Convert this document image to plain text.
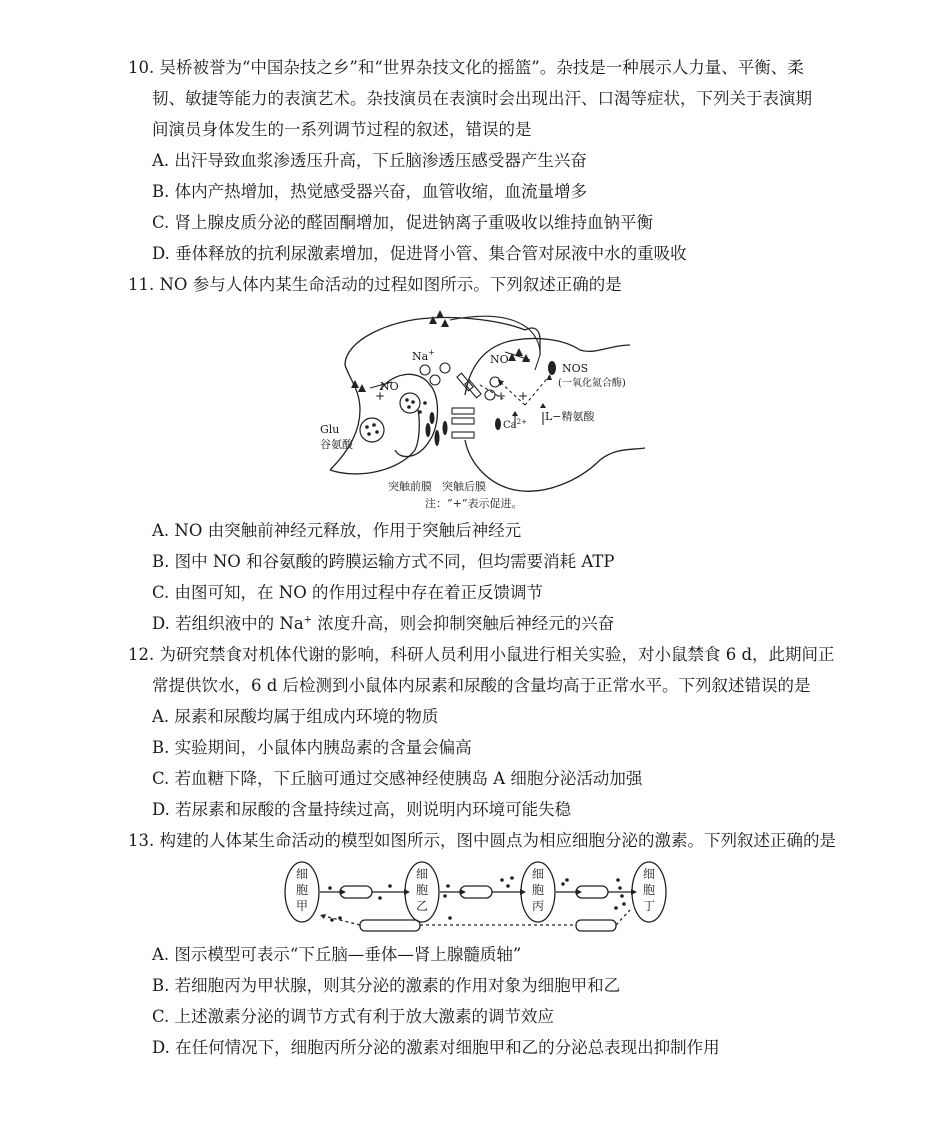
10. 吴桥被誉为“中国杂技之乡”和“世界杂技文化的摇篮”。杂技是一种展示人力量、平衡、柔
韧、敏捷等能力的表演艺术。杂技演员在表演时会出现出汗、口渴等症状，下列关于表演期
间演员身体发生的一系列调节过程的叙述，错误的是
A. 出汗导致血浆渗透压升高，下丘脑渗透压感受器产生兴奋
B. 体内产热增加，热觉感受器兴奋，血管收缩，血流量增多
C. 肾上腺皮质分泌的醛固酮增加，促进钠离子重吸收以维持血钠平衡
D. 垂体释放的抗利尿激素增加，促进肾小管、集合管对尿液中水的重吸收
11. NO 参与人体内某生命活动的过程如图所示。下列叙述正确的是
Na+
NO
NO
+
NOS
(一氧化氮合酶)
Glu
谷氨酸
$Ca^{2+}$ L−精氨酸
+ +
突触前膜 突触后膜
注：“+”表示促进。
A. NO 由突触前神经元释放，作用于突触后神经元
B. 图中 NO 和谷氨酸的跨膜运输方式不同，但均需要消耗 ATP
C. 由图可知，在 NO 的作用过程中存在着正反馈调节
D. 若组织液中的 Na+ 浓度升高，则会抑制突触后神经元的兴奋
12. 为研究禁食对机体代谢的影响，科研人员利用小鼠进行相关实验，对小鼠禁食 6 d，此期间正
常提供饮水，6 d 后检测到小鼠体内尿素和尿酸的含量均高于正常水平。下列叙述错误的是
A. 尿素和尿酸均属于组成内环境的物质
B. 实验期间，小鼠体内胰岛素的含量会偏高
C. 若血糖下降，下丘脑可通过交感神经使胰岛 A 细胞分泌活动加强
D. 若尿素和尿酸的含量持续过高，则说明内环境可能失稳
13. 构建的人体某生命活动的模型如图所示，图中圆点为相应细胞分泌的激素。下列叙述正确的是
细
胞
甲
细
胞
乙
细
胞
丙
细
胞
丁
A. 图示模型可表示“下丘脑—垂体—肾上腺髓质轴”
B. 若细胞丙为甲状腺，则其分泌的激素的作用对象为细胞甲和乙
C. 上述激素分泌的调节方式有利于放大激素的调节效应
D. 在任何情况下，细胞丙所分泌的激素对细胞甲和乙的分泌总表现出抑制作用
